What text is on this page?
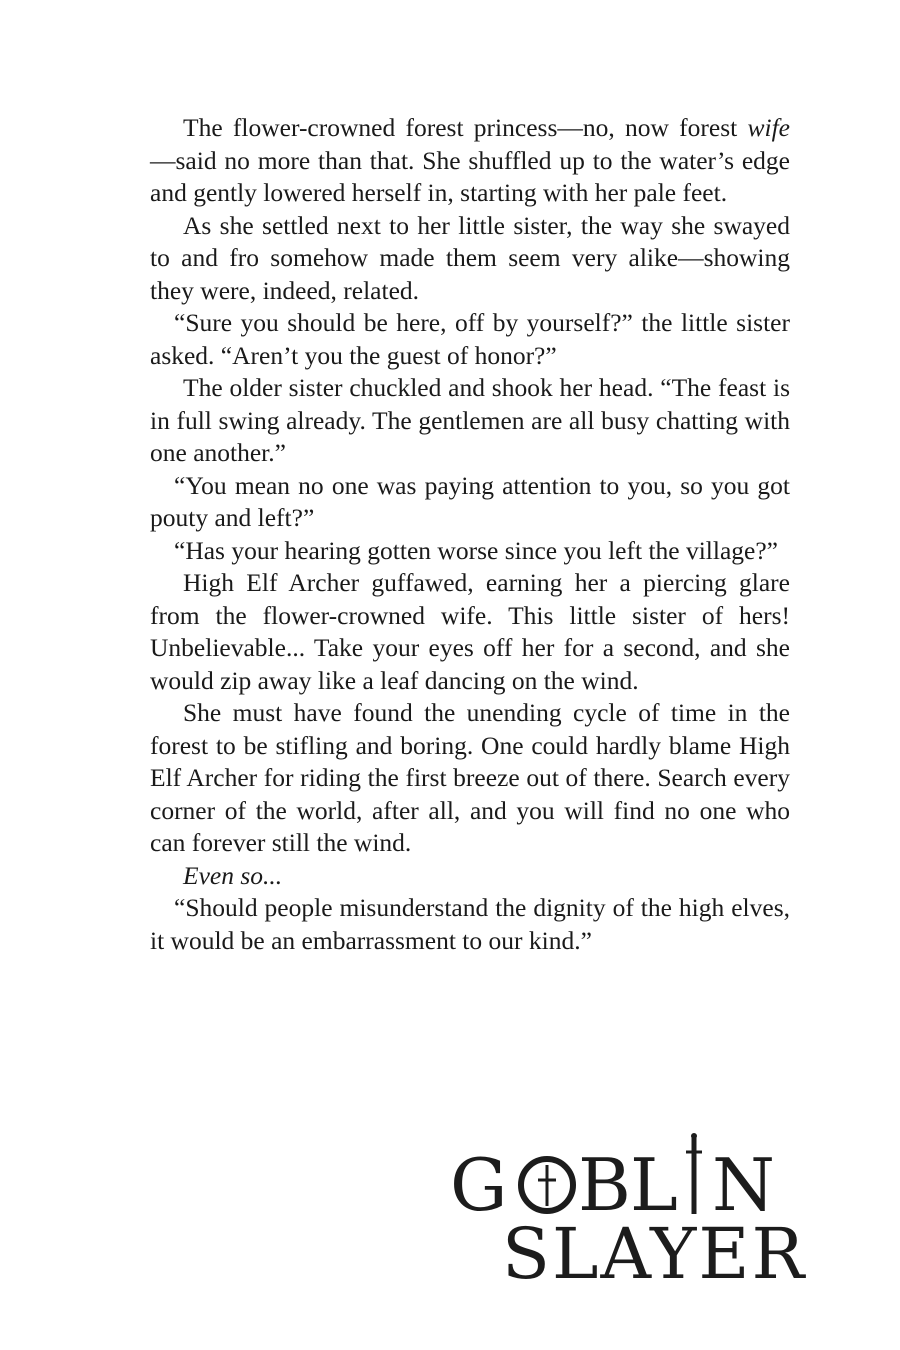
The flower-crowned forest princess—no, now forest wife—said no more than that. She shuffled up to the water’s edge and gently lowered herself in, starting with her pale feet.

As she settled next to her little sister, the way she swayed to and fro somehow made them seem very alike—showing they were, indeed, related.

“Sure you should be here, off by yourself?” the little sister asked. “Aren’t you the guest of honor?”

The older sister chuckled and shook her head. “The feast is in full swing already. The gentlemen are all busy chatting with one another.”

“You mean no one was paying attention to you, so you got pouty and left?”

“Has your hearing gotten worse since you left the village?”

High Elf Archer guffawed, earning her a piercing glare from the flower-crowned wife. This little sister of hers! Unbelievable... Take your eyes off her for a second, and she would zip away like a leaf dancing on the wind.

She must have found the unending cycle of time in the forest to be stifling and boring. One could hardly blame High Elf Archer for riding the first breeze out of there. Search every corner of the world, after all, and you will find no one who can forever still the wind.

Even so...

“Should people misunderstand the dignity of the high elves, it would be an embarrassment to our kind.”

G B L N
SLAYER
